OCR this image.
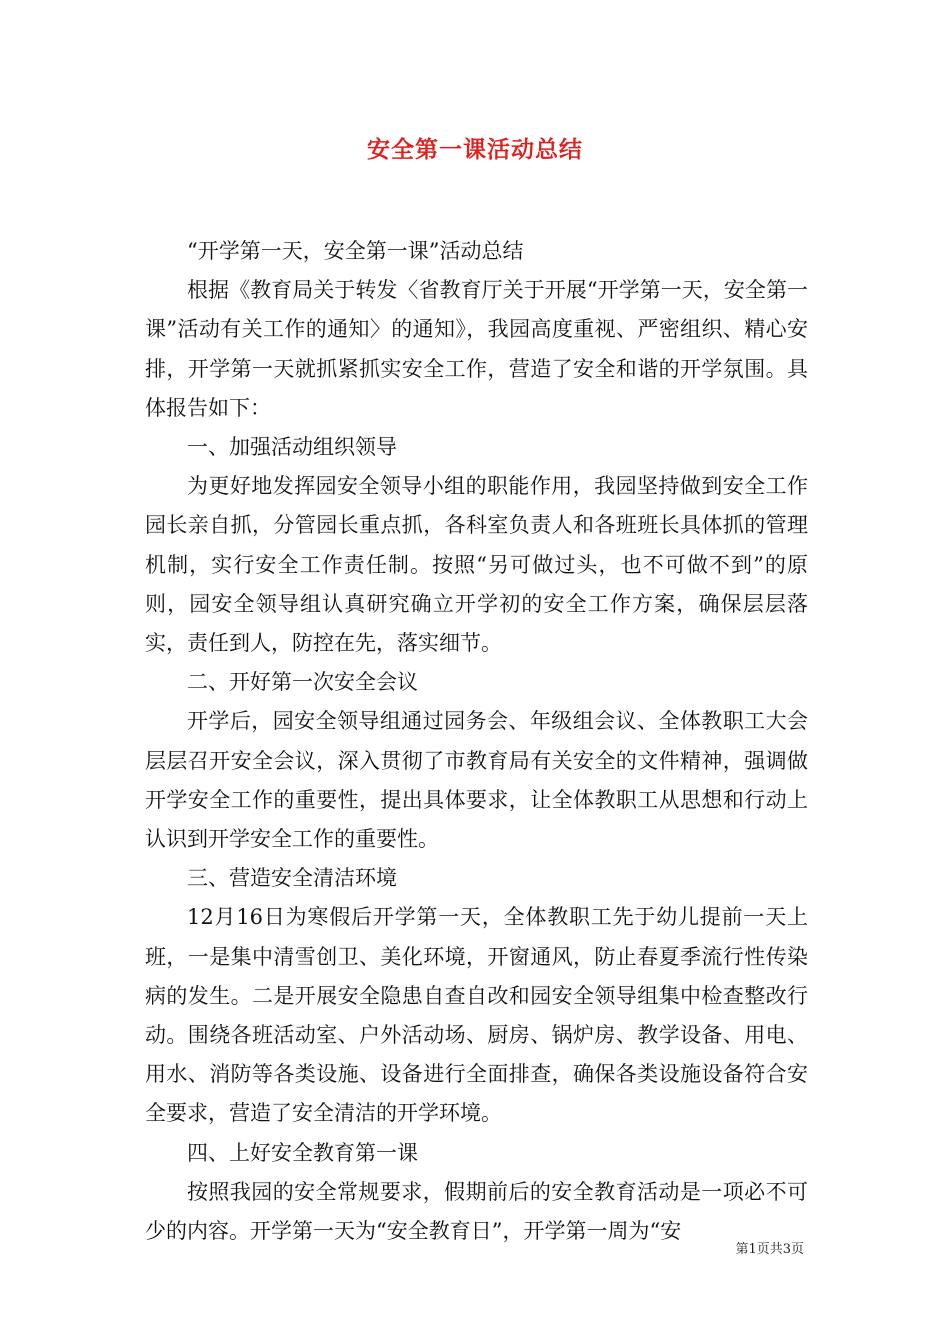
安全第一课活动总结

“开学第一天，安全第一课”活动总结

根据《教育局关于转发〈省教育厅关于开展“开学第一天，安全第一课”活动有关工作的通知〉的通知》，我园高度重视、严密组织、精心安排，开学第一天就抓紧抓实安全工作，营造了安全和谐的开学氛围。具体报告如下：

一、加强活动组织领导

为更好地发挥园安全领导小组的职能作用，我园坚持做到安全工作园长亲自抓，分管园长重点抓，各科室负责人和各班班长具体抓的管理机制，实行安全工作责任制。按照“另可做过头，也不可做不到”的原则，园安全领导组认真研究确立开学初的安全工作方案，确保层层落实，责任到人，防控在先，落实细节。

二、开好第一次安全会议

开学后，园安全领导组通过园务会、年级组会议、全体教职工大会层层召开安全会议，深入贯彻了市教育局有关安全的文件精神，强调做开学安全工作的重要性，提出具体要求，让全体教职工从思想和行动上认识到开学安全工作的重要性。

三、营造安全清洁环境

12月16日为寒假后开学第一天，全体教职工先于幼儿提前一天上班，一是集中清雪创卫、美化环境，开窗通风，防止春夏季流行性传染病的发生。二是开展安全隐患自查自改和园安全领导组集中检查整改行动。围绕各班活动室、户外活动场、厨房、锅炉房、教学设备、用电、用水、消防等各类设施、设备进行全面排查，确保各类设施设备符合安全要求，营造了安全清洁的开学环境。

四、上好安全教育第一课

按照我园的安全常规要求，假期前后的安全教育活动是一项必不可少的内容。开学第一天为“安全教育日”，开学第一周为“安

第1页共3页
